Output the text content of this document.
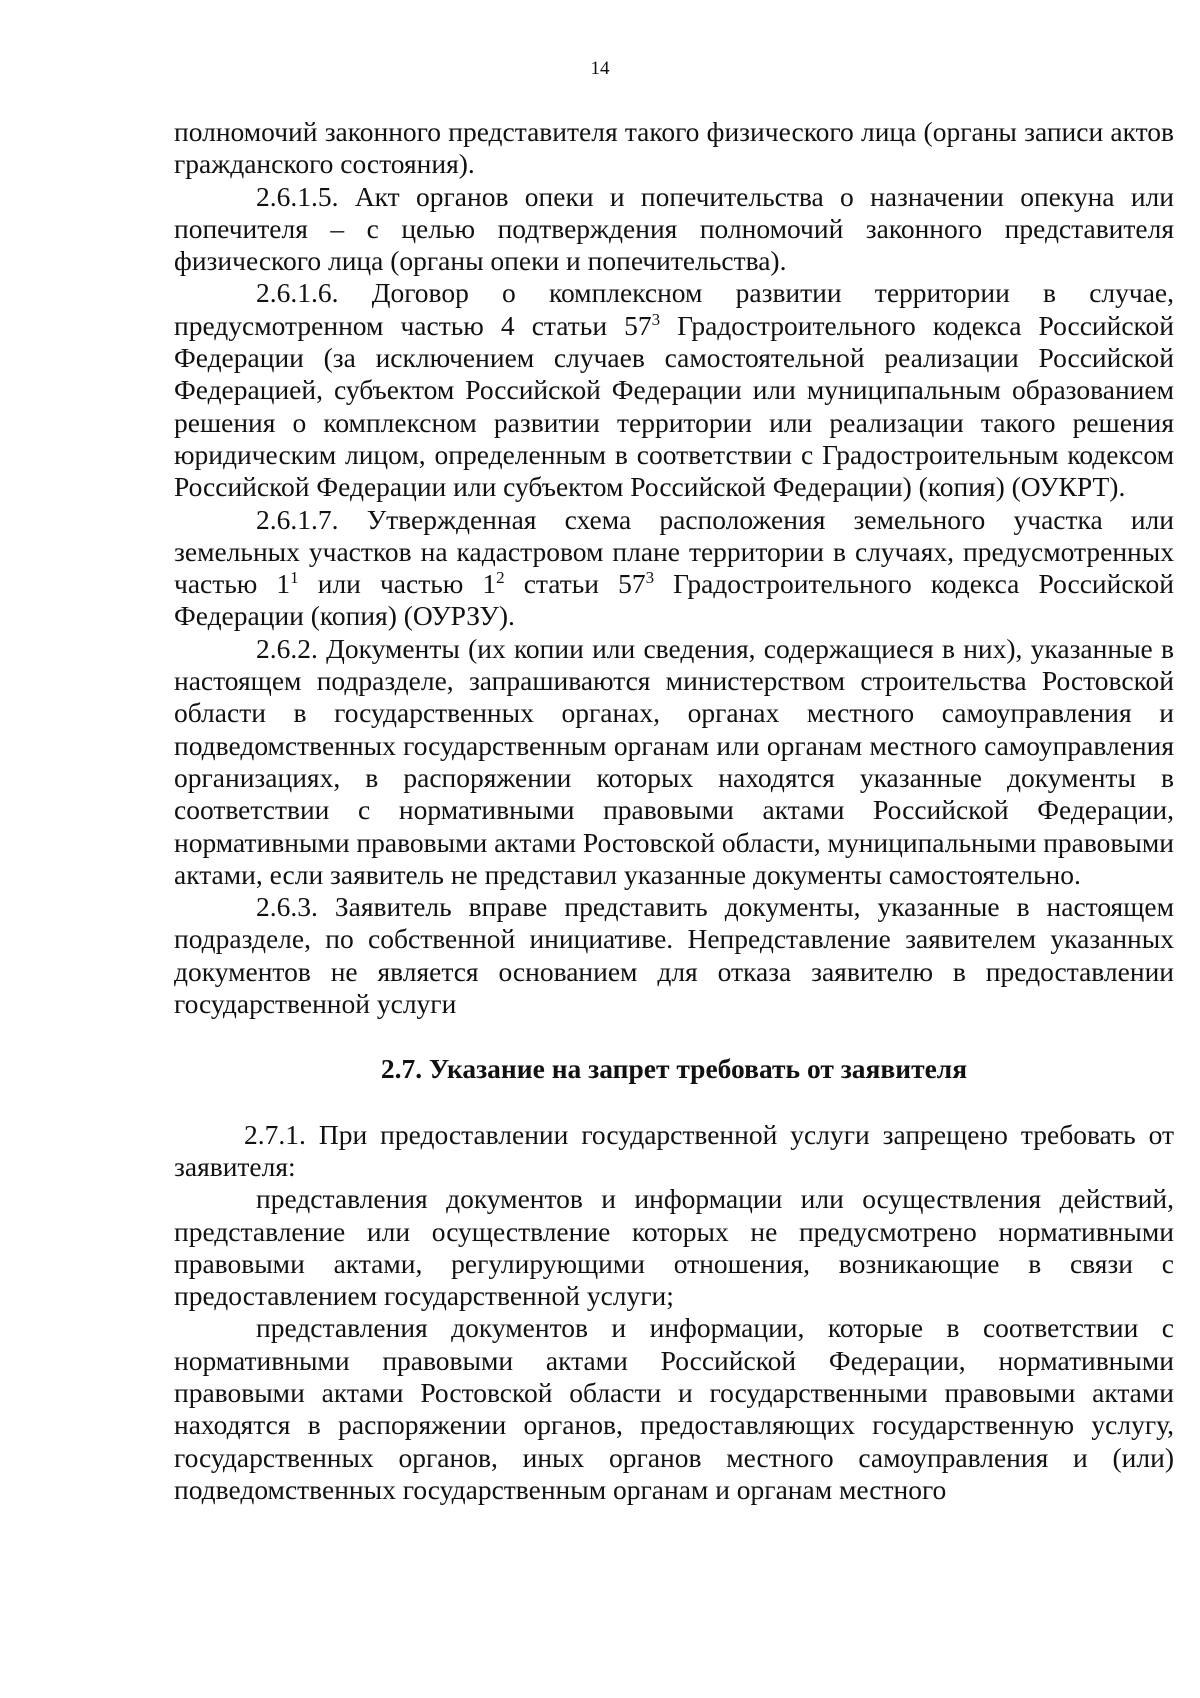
14

полномочий законного представителя такого физического лица (органы записи актов гражданского состояния).

2.6.1.5. Акт органов опеки и попечительства о назначении опекуна или попечителя – с целью подтверждения полномочий законного представителя физического лица (органы опеки и попечительства).

2.6.1.6. Договор о комплексном развитии территории в случае, предусмотренном частью 4 статьи $57^3$ Градостроительного кодекса Российской Федерации (за исключением случаев самостоятельной реализации Российской Федерацией, субъектом Российской Федерации или муниципальным образованием решения о комплексном развитии территории или реализации такого решения юридическим лицом, определенным в соответствии с Градостроительным кодексом Российской Федерации или субъектом Российской Федерации) (копия) (ОУКРТ).

2.6.1.7. Утвержденная схема расположения земельного участка или земельных участков на кадастровом плане территории в случаях, предусмотренных частью $1^1$ или частью $1^2$ статьи $57^3$ Градостроительного кодекса Российской Федерации (копия) (ОУРЗУ).

2.6.2. Документы (их копии или сведения, содержащиеся в них), указанные в настоящем подразделе, запрашиваются министерством строительства Ростовской области в государственных органах, органах местного самоуправления и подведомственных государственным органам или органам местного самоуправления организациях, в распоряжении которых находятся указанные документы в соответствии с нормативными правовыми актами Российской Федерации, нормативными правовыми актами Ростовской области, муниципальными правовыми актами, если заявитель не представил указанные документы самостоятельно.

2.6.3. Заявитель вправе представить документы, указанные в настоящем подразделе, по собственной инициативе. Непредставление заявителем указанных документов не является основанием для отказа заявителю в предоставлении государственной услуги

2.7. Указание на запрет требовать от заявителя

2.7.1. При предоставлении государственной услуги запрещено требовать от заявителя:

представления документов и информации или осуществления действий, представление или осуществление которых не предусмотрено нормативными правовыми актами, регулирующими отношения, возникающие в связи с предоставлением государственной услуги;

представления документов и информации, которые в соответствии с нормативными правовыми актами Российской Федерации, нормативными правовыми актами Ростовской области и государственными правовыми актами находятся в распоряжении органов, предоставляющих государственную услугу, государственных органов, иных органов местного самоуправления и (или) подведомственных государственным органам и органам местного
